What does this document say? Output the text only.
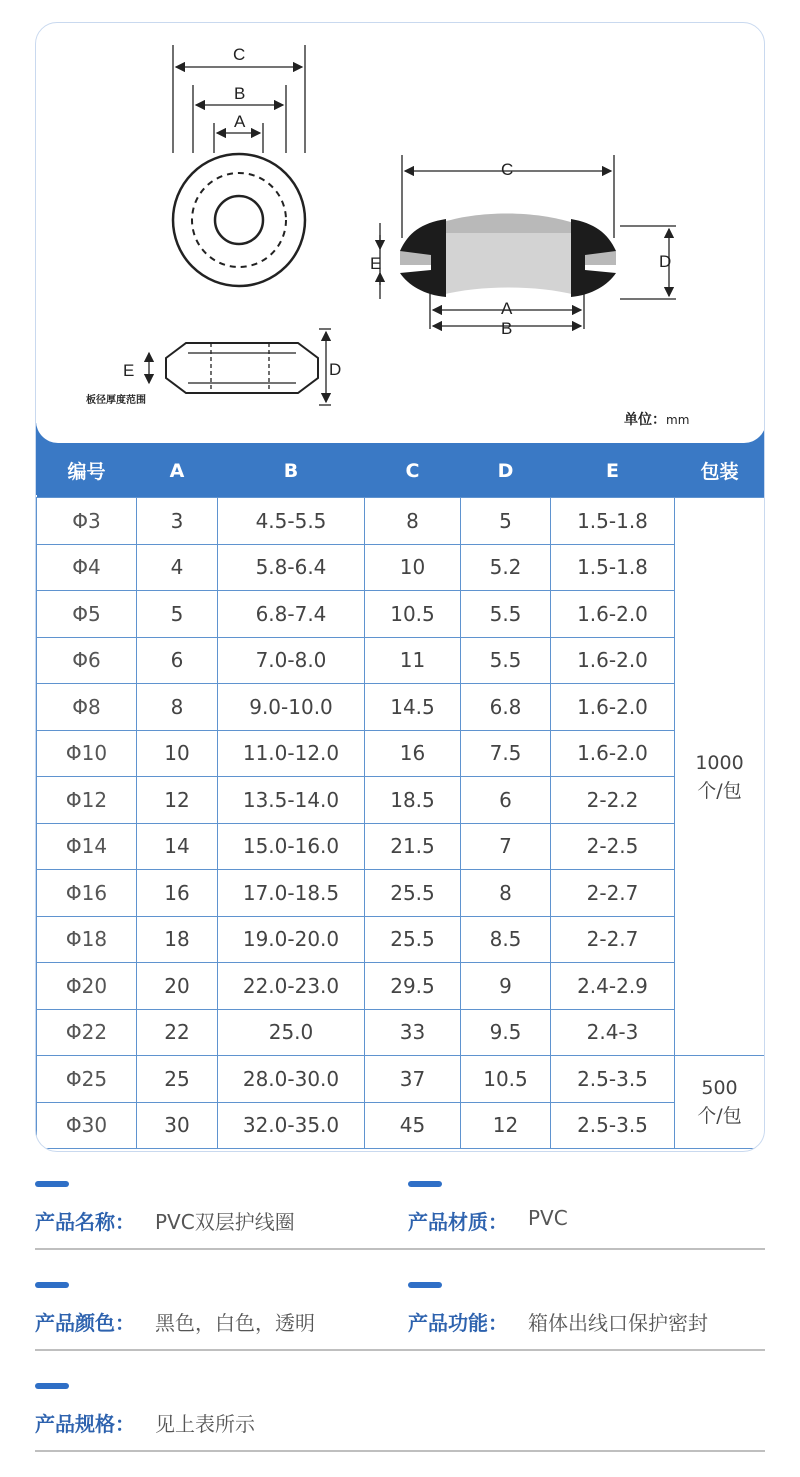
C
B
A
E	D
C
D
E
A
B
板径厚度范围
单位：mm
编号	A	B	C	D	E	包装
Φ3	3	4.5-5.5	8	5	1.5-1.8	1000
个/包

Φ4	4	5.8-6.4	10	5.2	1.5-1.8	
Φ5	5	6.8-7.4	10.5	5.5	1.6-2.0	
Φ6	6	7.0-8.0	11	5.5	1.6-2.0	
Φ8	8	9.0-10.0	14.5	6.8	1.6-2.0	
Φ10	10	11.0-12.0	16	7.5	1.6-2.0	
Φ12	12	13.5-14.0	18.5	6	2-2.2	
Φ14	14	15.0-16.0	21.5	7	2-2.5	
Φ16	16	17.0-18.5	25.5	8	2-2.7	
Φ18	18	19.0-20.0	25.5	8.5	2-2.7	
Φ20	20	22.0-23.0	29.5	9	2.4-2.9	
Φ22	22	25.0	33	9.5	2.4-3	
Φ25	25	28.0-30.0	37	10.5	2.5-3.5	500
个/包

Φ30	30	32.0-35.0	45	12	2.5-3.5	
产品名称： PVC双层护线圈	产品材质： PVC
产品颜色： 黑色，白色，透明	产品功能： 箱体出线口保护密封
产品规格： 见上表所示
